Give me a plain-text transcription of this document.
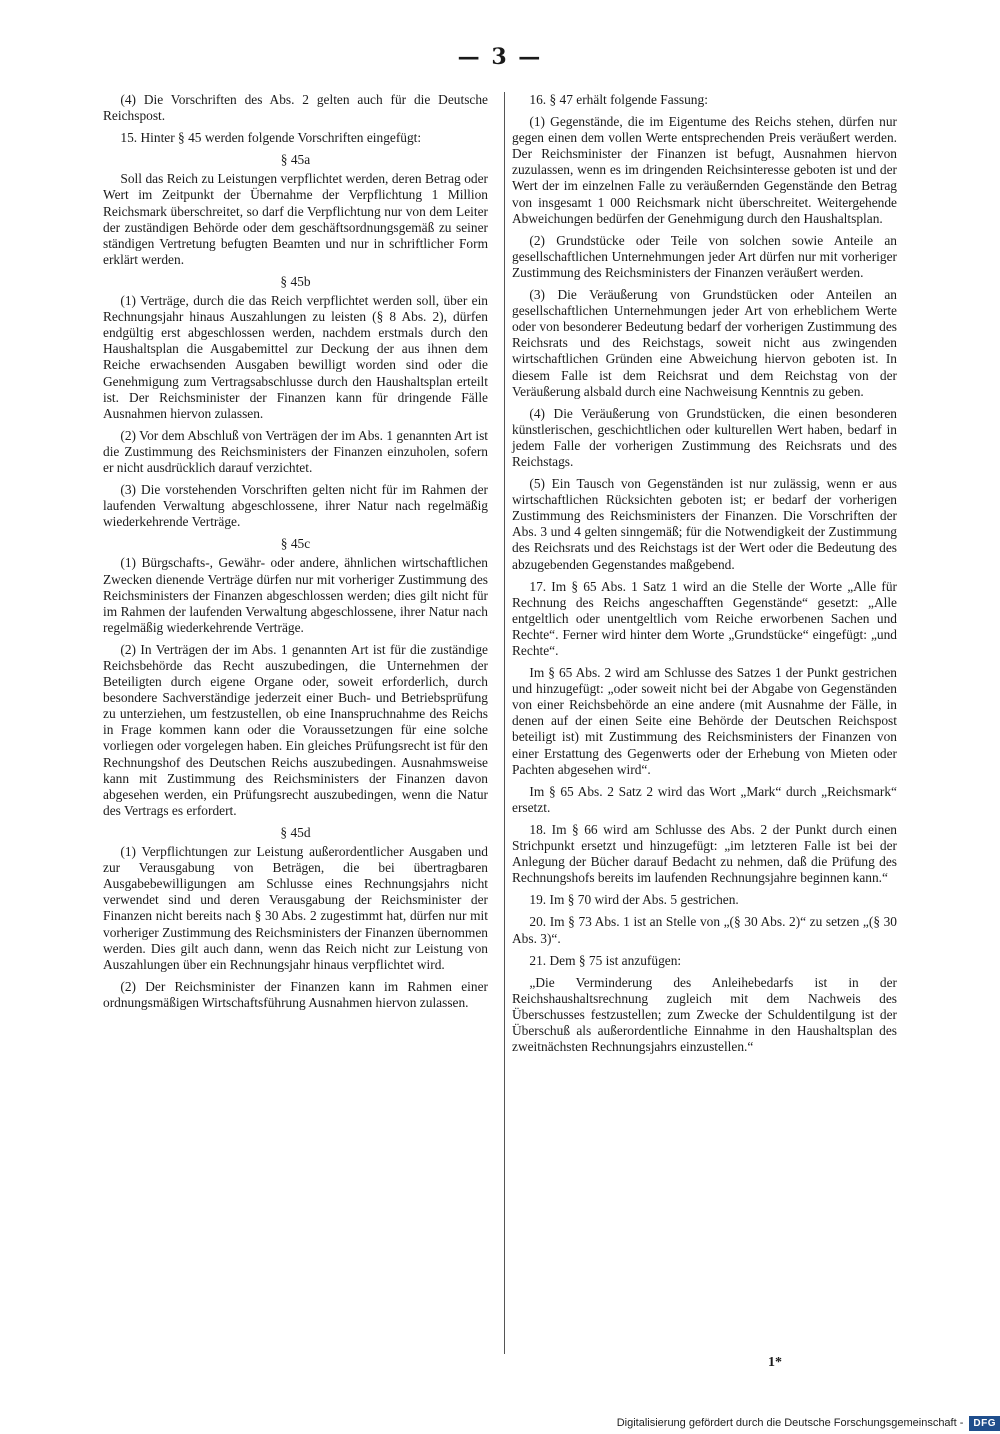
— 3 —

(4) Die Vorschriften des Abs. 2 gelten auch für die Deutsche Reichspost.

15. Hinter § 45 werden folgende Vorschriften eingefügt:

§ 45a

Soll das Reich zu Leistungen verpflichtet werden, deren Betrag oder Wert im Zeitpunkt der Übernahme der Verpflichtung 1 Million Reichsmark überschreitet, so darf die Verpflichtung nur von dem Leiter der zuständigen Behörde oder dem geschäftsordnungsgemäß zu seiner ständigen Vertretung befugten Beamten und nur in schriftlicher Form erklärt werden.

§ 45b

(1) Verträge, durch die das Reich verpflichtet werden soll, über ein Rechnungsjahr hinaus Auszahlungen zu leisten (§ 8 Abs. 2), dürfen endgültig erst abgeschlossen werden, nachdem erstmals durch den Haushaltsplan die Ausgabemittel zur Deckung der aus ihnen dem Reiche erwachsenden Ausgaben bewilligt worden sind oder die Genehmigung zum Vertragsabschlusse durch den Haushaltsplan erteilt ist. Der Reichsminister der Finanzen kann für dringende Fälle Ausnahmen hiervon zulassen.

(2) Vor dem Abschluß von Verträgen der im Abs. 1 genannten Art ist die Zustimmung des Reichsministers der Finanzen einzuholen, sofern er nicht ausdrücklich darauf verzichtet.

(3) Die vorstehenden Vorschriften gelten nicht für im Rahmen der laufenden Verwaltung abgeschlossene, ihrer Natur nach regelmäßig wiederkehrende Verträge.

§ 45c

(1) Bürgschafts-, Gewähr- oder andere, ähnlichen wirtschaftlichen Zwecken dienende Verträge dürfen nur mit vorheriger Zustimmung des Reichsministers der Finanzen abgeschlossen werden; dies gilt nicht für im Rahmen der laufenden Verwaltung abgeschlossene, ihrer Natur nach regelmäßig wiederkehrende Verträge.

(2) In Verträgen der im Abs. 1 genannten Art ist für die zuständige Reichsbehörde das Recht auszubedingen, die Unternehmen der Beteiligten durch eigene Organe oder, soweit erforderlich, durch besondere Sachverständige jederzeit einer Buch- und Betriebsprüfung zu unterziehen, um festzustellen, ob eine Inanspruchnahme des Reichs in Frage kommen kann oder die Voraussetzungen für eine solche vorliegen oder vorgelegen haben. Ein gleiches Prüfungsrecht ist für den Rechnungshof des Deutschen Reichs auszubedingen. Ausnahmsweise kann mit Zustimmung des Reichsministers der Finanzen davon abgesehen werden, ein Prüfungsrecht auszubedingen, wenn die Natur des Vertrags es erfordert.

§ 45d

(1) Verpflichtungen zur Leistung außerordentlicher Ausgaben und zur Verausgabung von Beträgen, die bei übertragbaren Ausgabebewilligungen am Schlusse eines Rechnungsjahrs nicht verwendet sind und deren Verausgabung der Reichsminister der Finanzen nicht bereits nach § 30 Abs. 2 zugestimmt hat, dürfen nur mit vorheriger Zustimmung des Reichsministers der Finanzen übernommen werden. Dies gilt auch dann, wenn das Reich nicht zur Leistung von Auszahlungen über ein Rechnungsjahr hinaus verpflichtet wird.

(2) Der Reichsminister der Finanzen kann im Rahmen einer ordnungsmäßigen Wirtschaftsführung Ausnahmen hiervon zulassen.

16. § 47 erhält folgende Fassung:

(1) Gegenstände, die im Eigentume des Reichs stehen, dürfen nur gegen einen dem vollen Werte entsprechenden Preis veräußert werden. Der Reichsminister der Finanzen ist befugt, Ausnahmen hiervon zuzulassen, wenn es im dringenden Reichsinteresse geboten ist und der Wert der im einzelnen Falle zu veräußernden Gegenstände den Betrag von insgesamt 1 000 Reichsmark nicht überschreitet. Weitergehende Abweichungen bedürfen der Genehmigung durch den Haushaltsplan.

(2) Grundstücke oder Teile von solchen sowie Anteile an gesellschaftlichen Unternehmungen jeder Art dürfen nur mit vorheriger Zustimmung des Reichsministers der Finanzen veräußert werden.

(3) Die Veräußerung von Grundstücken oder Anteilen an gesellschaftlichen Unternehmungen jeder Art von erheblichem Werte oder von besonderer Bedeutung bedarf der vorherigen Zustimmung des Reichsrats und des Reichstags, soweit nicht aus zwingenden wirtschaftlichen Gründen eine Abweichung hiervon geboten ist. In diesem Falle ist dem Reichsrat und dem Reichstag von der Veräußerung alsbald durch eine Nachweisung Kenntnis zu geben.

(4) Die Veräußerung von Grundstücken, die einen besonderen künstlerischen, geschichtlichen oder kulturellen Wert haben, bedarf in jedem Falle der vorherigen Zustimmung des Reichsrats und des Reichstags.

(5) Ein Tausch von Gegenständen ist nur zulässig, wenn er aus wirtschaftlichen Rücksichten geboten ist; er bedarf der vorherigen Zustimmung des Reichsministers der Finanzen. Die Vorschriften der Abs. 3 und 4 gelten sinngemäß; für die Notwendigkeit der Zustimmung des Reichsrats und des Reichstags ist der Wert oder die Bedeutung des abzugebenden Gegenstandes maßgebend.

17. Im § 65 Abs. 1 Satz 1 wird an die Stelle der Worte „Alle für Rechnung des Reichs angeschafften Gegenstände“ gesetzt: „Alle entgeltlich oder unentgeltlich vom Reiche erworbenen Sachen und Rechte“. Ferner wird hinter dem Worte „Grundstücke“ eingefügt: „und Rechte“.

Im § 65 Abs. 2 wird am Schlusse des Satzes 1 der Punkt gestrichen und hinzugefügt: „oder soweit nicht bei der Abgabe von Gegenständen von einer Reichsbehörde an eine andere (mit Ausnahme der Fälle, in denen auf der einen Seite eine Behörde der Deutschen Reichspost beteiligt ist) mit Zustimmung des Reichsministers der Finanzen von einer Erstattung des Gegenwerts oder der Erhebung von Mieten oder Pachten abgesehen wird“.

Im § 65 Abs. 2 Satz 2 wird das Wort „Mark“ durch „Reichsmark“ ersetzt.

18. Im § 66 wird am Schlusse des Abs. 2 der Punkt durch einen Strichpunkt ersetzt und hinzugefügt: „im letzteren Falle ist bei der Anlegung der Bücher darauf Bedacht zu nehmen, daß die Prüfung des Rechnungshofs bereits im laufenden Rechnungsjahre beginnen kann.“

19. Im § 70 wird der Abs. 5 gestrichen.

20. Im § 73 Abs. 1 ist an Stelle von „(§ 30 Abs. 2)“ zu setzen „(§ 30 Abs. 3)“.

21. Dem § 75 ist anzufügen:

„Die Verminderung des Anleihebedarfs ist in der Reichshaushaltsrechnung zugleich mit dem Nachweis des Überschusses festzustellen; zum Zwecke der Schuldentilgung ist der Überschuß als außerordentliche Einnahme in den Haushaltsplan des zweitnächsten Rechnungsjahrs einzustellen.“

1*
Digitalisierung gefördert durch die Deutsche Forschungsgemeinschaft -	DFG
